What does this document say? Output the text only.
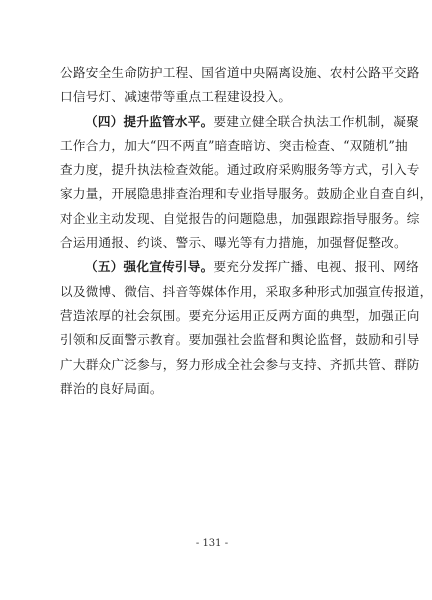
公路安全生命防护工程、国省道中央隔离设施、农村公路平交路
口信号灯、减速带等重点工程建设投入。
（四）提升监管水平。要建立健全联合执法工作机制，凝聚
工作合力，加大“四不两直”暗查暗访、突击检查、“双随机”抽
查力度，提升执法检查效能。通过政府采购服务等方式，引入专
家力量，开展隐患排查治理和专业指导服务。鼓励企业自查自纠，
对企业主动发现、自觉报告的问题隐患，加强跟踪指导服务。综
合运用通报、约谈、警示、曝光等有力措施，加强督促整改。
（五）强化宣传引导。要充分发挥广播、电视、报刊、网络
以及微博、微信、抖音等媒体作用，采取多种形式加强宣传报道，
营造浓厚的社会氛围。要充分运用正反两方面的典型，加强正向
引领和反面警示教育。要加强社会监督和舆论监督，鼓励和引导
广大群众广泛参与，努力形成全社会参与支持、齐抓共管、群防
群治的良好局面。
- 131 -
